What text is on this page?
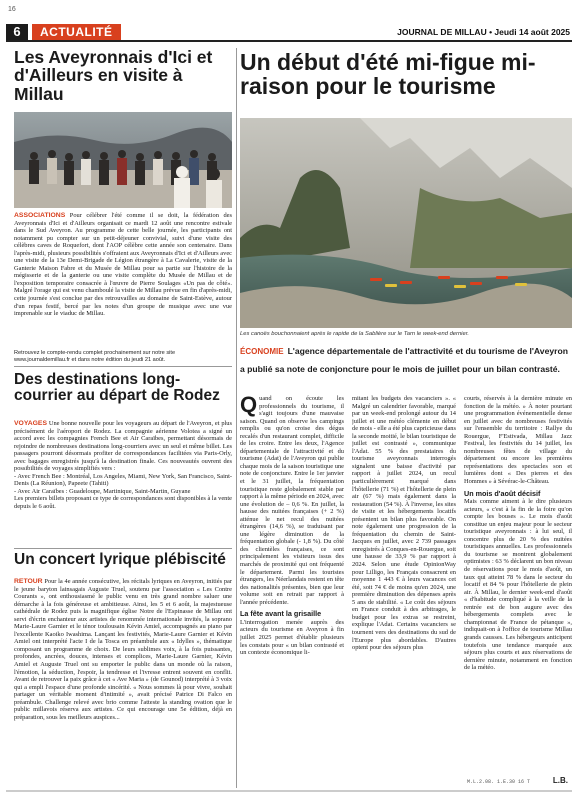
16
6	ACTUALITÉ	JOURNAL DE MILLAU • Jeudi 14 août 2025
Les Aveyronnais d'Ici et d'Ailleurs en visite à Millau
ASSOCIATIONS Pour célébrer l'été comme il se doit, la fédération des Aveyronnais d'Ici et d'Ailleurs organisait ce mardi 12 août une rencontre estivale dans le Sud Aveyron. Au programme de cette belle journée, les participants ont notamment pu compter sur un petit-déjeuner convivial, suivi d'une visite des célèbres caves de Roquefort, dont l'AOP célèbre cette année son centenaire. Dans l'après-midi, plusieurs possibilités s'offraient aux Aveyronnais d'Ici et d'Ailleurs avec une visite de la 13e Demi-Brigade de Légion étrangère à La Cavalerie, visite de la Ganterie Maison Fabre et du Musée de Millau pour sa partie sur l'histoire de la mégisserie et de la ganterie ou une visite complète du Musée de Millau et de l'exposition temporaire consacrée à l'œuvre de Pierre Soulages «Un pas de côté». Malgré l'orage qui est venu chamboulé la visite de Millau prévue en fin d'après-midi, cette journée s'est conclue par des retrouvailles au domaine de Saint-Estève, autour d'un repas festif, bercé par les notes d'un groupe de musique avec une vue imprenable sur le viaduc de Millau.
Retrouvez le compte-rendu complet prochainement sur notre site www.journaldemillau.fr et dans notre édition du jeudi 21 août.
Des destinations long-courrier au départ de Rodez
VOYAGES Une bonne nouvelle pour les voyageurs au départ de l'Aveyron, et plus précisément de l'aéroport de Rodez. La compagnie aérienne Volotea a signé un accord avec les compagnies French Bee et Air Caraïbes, permettant désormais de rejoindre de nombreuses destinations long-courriers avec un seul et même billet. Les passagers pourront désormais profiter de correspondances facilitées via Paris-Orly, avec bagages enregistrés jusqu'à la destination finale. Ces nouveautés ouvrent des possibilités de voyages simplifiés vers :
- Avec French Bee : Montréal, Los Angeles, Miami, New York, San Francisco, Saint-Denis (La Réunion), Papeete (Tahiti)
- Avec Air Caraïbes : Guadeloupe, Martinique, Saint-Martin, Guyane
Les premiers billets proposant ce type de correspondances sont disponibles à la vente depuis le 6 août.
Un concert lyrique plébiscité
RETOUR Pour la 4e année consécutive, les récitals lyriques en Aveyron, initiés par le jeune baryton lainsagais Auguste Truel, soutenu par l'association « Les Contre Courants », ont enthousiasmé le public venu en très grand nombre saluer une démarche à la fois généreuse et ambitieuse. Ainsi, les 5 et 6 août, la majestueuse cathédrale de Rodez puis la magnifique église Notre de l'Espinasse de Millau ont servi d'écrin enchanteur aux artistes de renommée internationale invités, la soprano Marie-Laure Garnier et le ténor toulousain Kévin Amiel, accompagnés au piano par l'excellente Kaoiko Iwashima. Lançant les festivités, Marie-Laure Garnier et Kévin Amiel ont interprété l'acte I de la Tosca en préambule aux « Idylles », thématique composant un programme de choix. De leurs sublimes voix, à la fois puissantes, profondes, ancrées, douces, intenses et complices, Marie-Laure Garnier, Kévin Amiel et Auguste Truel ont su emporter le public dans un monde où la raison, l'émotion, la séduction, l'espoir, la tendresse et l'ivresse entrent souvent en conflit. Avant de retrouver la paix grâce à cet « Ave Maria » (de Gounod) interprété à 3 voix qui a empli l'espace d'une profonde sincérité. « Nous sommes là pour vivre, souhait partager un véritable moment d'intimité », avait précisé Patrice Di Falco en préambule. Challenge relevé avec brio comme l'atteste la standing ovation que le public millavois réserva aux artistes. Ce qui encourage une 5e édition, déjà en préparation, sous les meilleurs auspices...
Un début d'été mi-figue mi-raison pour le tourisme
Les canoës bouchonnaient après le rapide de la Sablière sur le Tarn le week-end dernier.
ÉCONOMIE L'agence départementale de l'attractivité et du tourisme de l'Aveyron a publié sa note de conjoncture pour le mois de juillet pour un bilan contrasté.
Q uand on écoute les professionnels du tourisme, il s'agit toujours d'une mauvaise saison. Quand on observe les campings remplis ou qu'on croise des dégus recalés d'un restaurant complet, difficile de les croire. Entre les deux, l'Agence départementale de l'attractivité et du tourisme (Adat) de l'Aveyron qui publie chaque mois de la saison touristique une note de conjoncture. Entre le 1er janvier et le 31 juillet, la fréquentation touristique reste globalement stable par rapport à la même période en 2024, avec une évolution de – 0,6 %. En juillet, la hausse des nuitées françaises (+ 2 %) atténue le net recul des nuitées étrangères (14,6 %), se traduisant par une légère diminution de la fréquentation globale (- 1,8 %). Du côté des clientèles françaises, ce sont principalement les visiteurs issus des marchés de proximité qui ont fréquenté le département. Parmi les touristes étrangers, les Néerlandais restent en tête des nationalités présentes, bien que leur volume soit en retrait par rapport à l'année précédente.
La fête avant la grisaille
L'interrogation menée auprès des acteurs du tourisme en Aveyron à fin juillet 2025 permet d'établir plusieurs les constats pour « un bilan contrasté et un contexte économique li-
mitant les budgets des vacanciers ». « Malgré un calendrier favorable, marqué par un week-end prolongé autour du 14 juillet et une météo clémente en début de mois - elle a été plus capricieuse dans la seconde moitié, le bilan touristique de juillet est contrasté », communique l'Adat. 55 % des prestataires du tourisme aveyronnais interrogés signalent une baisse d'activité par rapport à juillet 2024, un recul particulièrement marqué dans l'hôtellerie (71 %) et l'hôtellerie de plein air (67 %) mais également dans la restauration (54 %). À l'inverse, les sites de visite et les hébergements locatifs présentent un bilan plus favorable. On note également une progression de la fréquentation du chemin de Saint-Jacques en juillet, avec 2 739 passages enregistrés à Conques-en-Rouergue, soit une hausse de 33,9 % par rapport à 2024. Selon une étude OpinionWay pour Lilligo, les Français consacrent en moyenne 1 443 € à leurs vacances cet été, soit 74 € de moins qu'en 2024, une première diminution des dépenses après 5 ans de stabilité. « Le coût des séjours en France conduit à des arbitrages, le budget pour les extras se restreint, explique l'Adat. Certains vacanciers se tournent vers des destinations du sud de l'Europe plus abordables. D'autres optent pour des séjours plus
courts, réservés à la dernière minute en fonction de la météo. » À noter pourtant une programmation événementielle dense en juillet avec de nombreuses festivités sur l'ensemble du territoire : Rallye du Rouergue, F'Estivada, Millau Jazz Festival, les festivités du 14 juillet, les nombreuses fêtes de village du département ou encore les premières représentations des spectacles son et lumières dont « Des pierres et des Hommes » à Sévérac-le-Château.
Un mois d'août décisif
Mais comme aiment à le dire plusieurs acteurs, « c'est à la fin de la foire qu'on compte les bouses ». Le mois d'août constitue un enjeu majeur pour le secteur touristique aveyronnais : à lui seul, il concentre plus de 20 % des nuitées touristiques annuelles. Les professionnels du tourisme se montrent globalement optimistes : 63 % déclarent un bon niveau de réservations pour le mois d'août, un taux qui atteint 78 % dans le secteur du locatif et 84 % pour l'hôtellerie de plein air. À Millau, le dernier week-end d'août « d'habitude compliqué à la veille de la rentrée est de bon augure avec des hébergements complets avec le championnat de France de pétanque », indiquait-on à l'office de tourisme Millau grands causses. Les hébergeurs anticipent toutefois une tendance marquée aux séjours plus courts et aux réservations de dernière minute, notamment en fonction de la météo.
M.L.2.08. 1.E.30 16 T	L.B.
